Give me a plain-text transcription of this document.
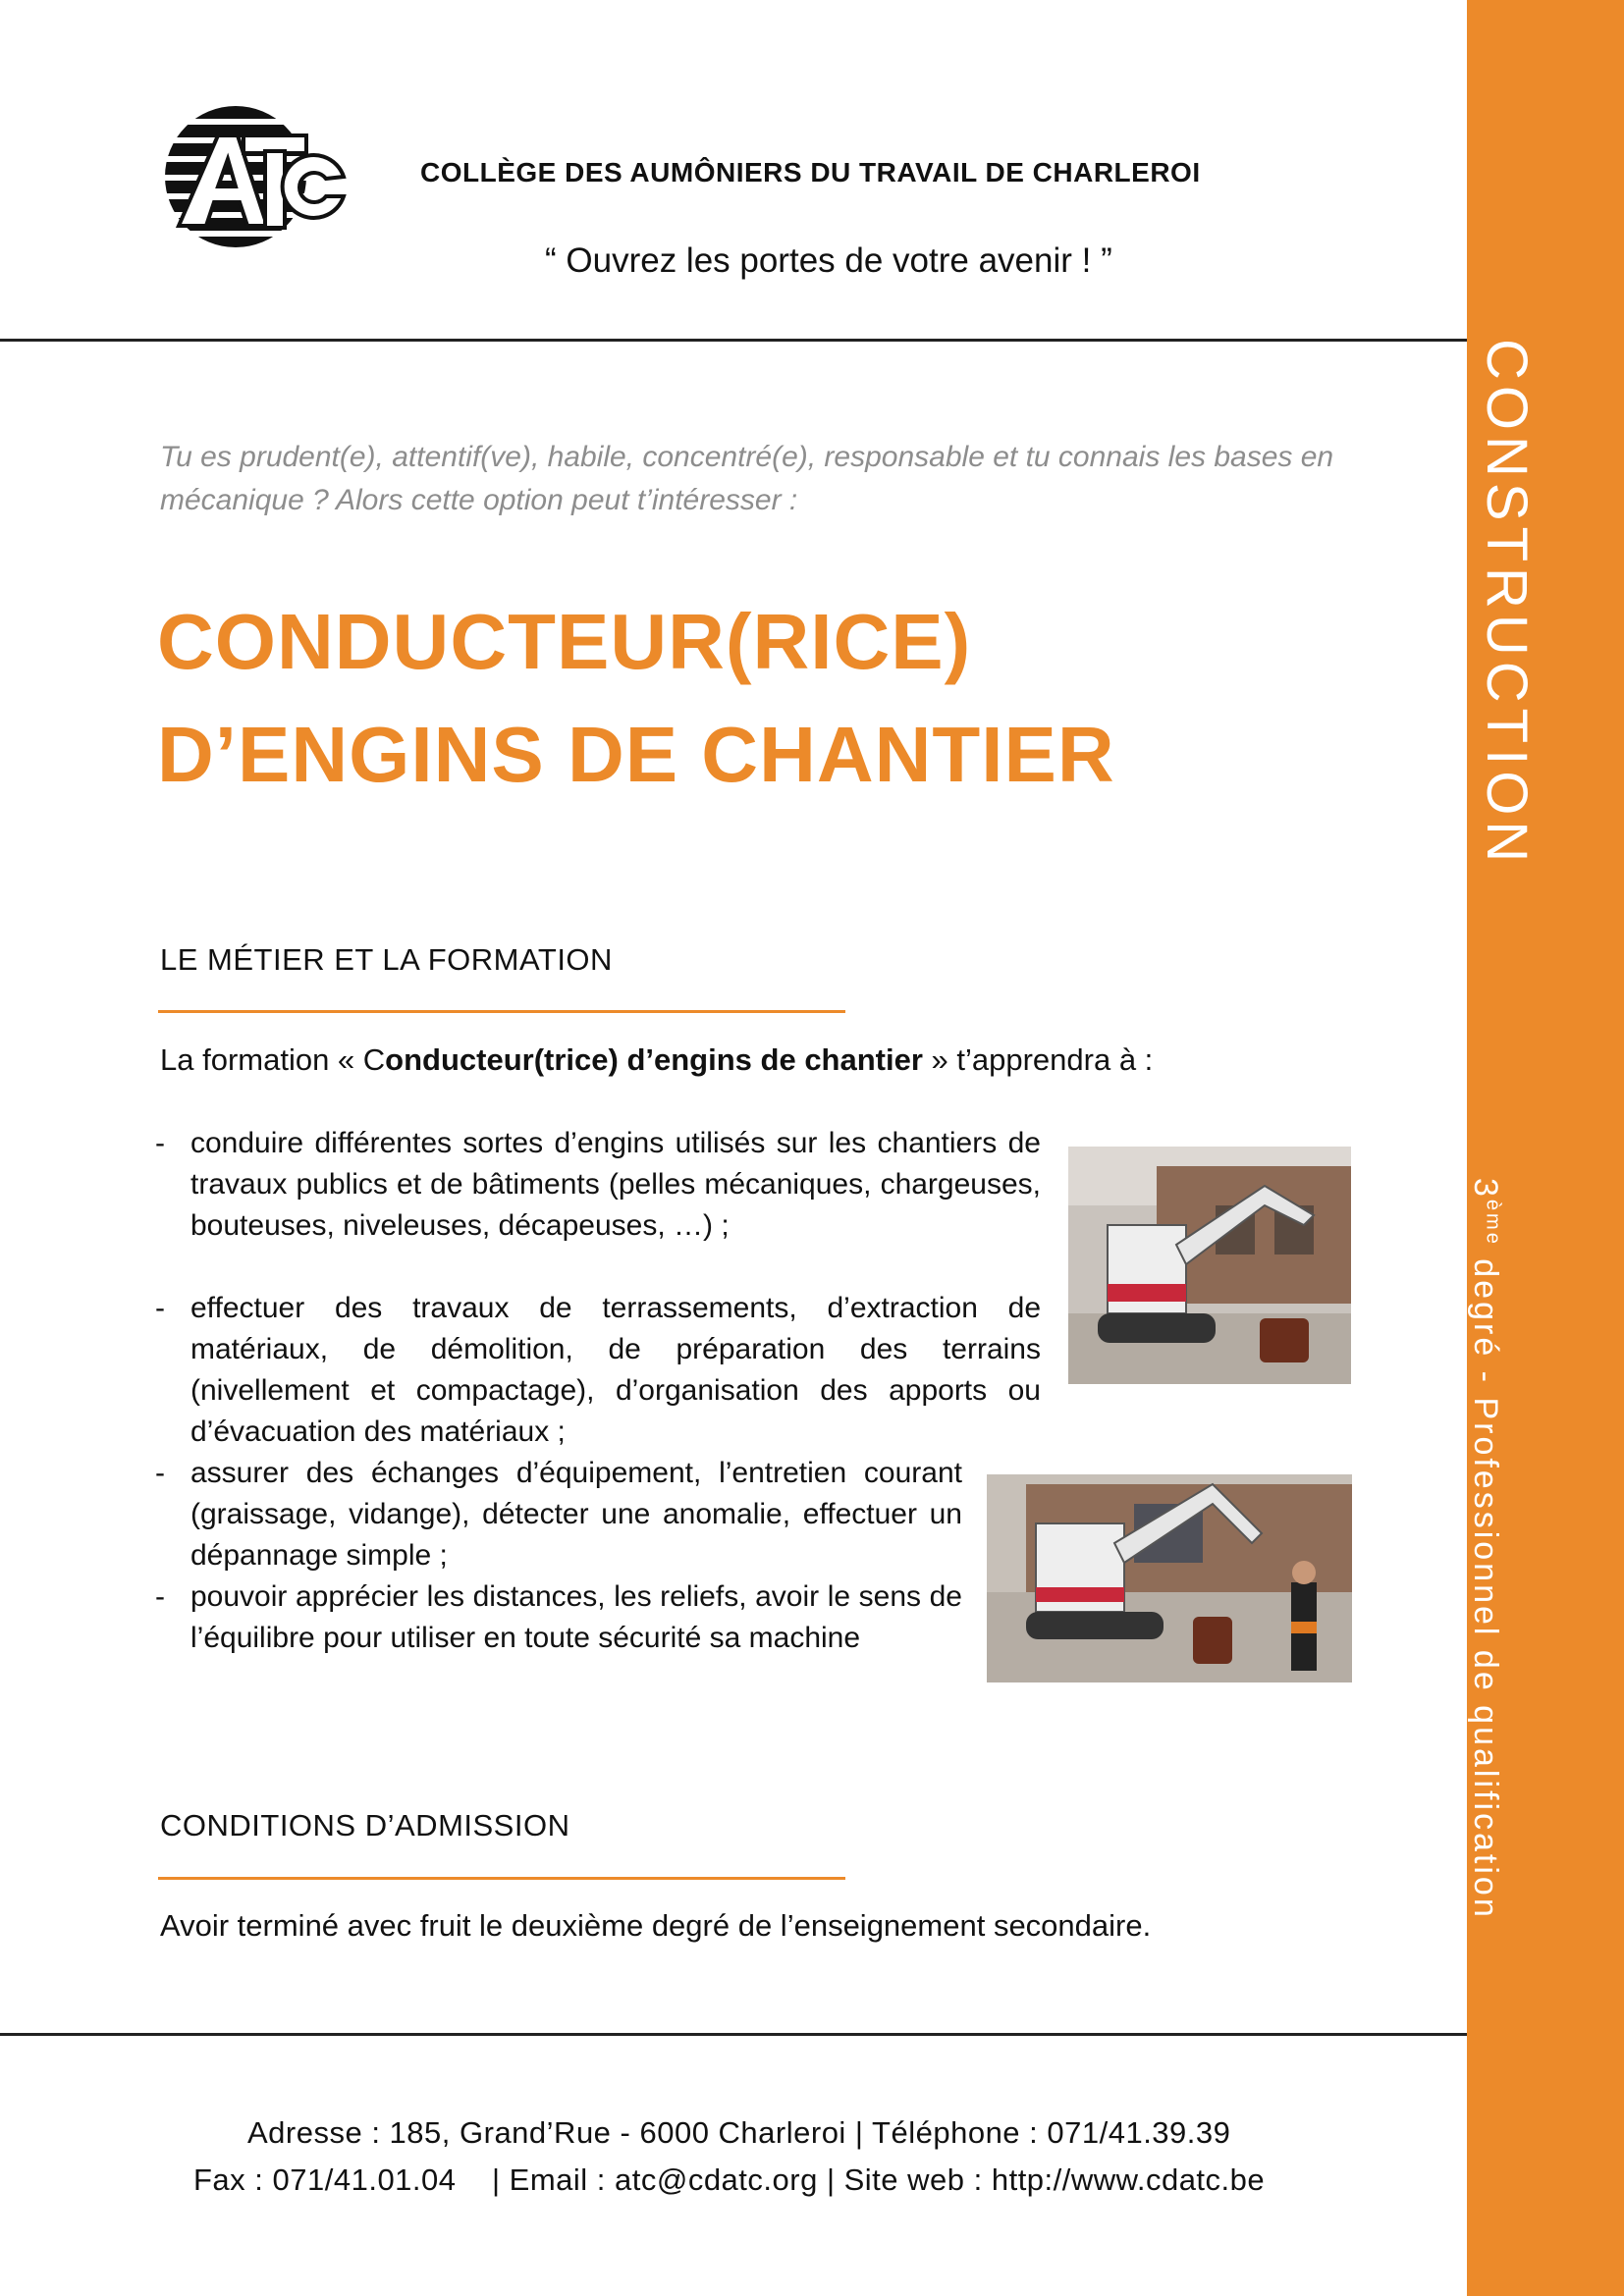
CONSTRUCTION
3ème degré - Professionnel de qualification
COLLÈGE DES AUMÔNIERS DU TRAVAIL DE CHARLEROI
“ Ouvrez les portes de votre avenir ! ”
Tu es prudent(e), attentif(ve), habile, concentré(e), responsable et tu connais les bases en mécanique ? Alors cette option peut t’intéresser :
CONDUCTEUR(RICE)
D’ENGINS DE CHANTIER
LE MÉTIER ET LA FORMATION
La formation « Conducteur(trice) d’engins de chantier » t’apprendra à :
- conduire différentes sortes d’engins utilisés sur les chantiers de travaux publics et de bâtiments (pelles mécaniques, chargeuses, bouteuses, niveleuses, décapeuses, …) ;
- effectuer des travaux de terrassements, d’extraction de matériaux, de démolition, de préparation des terrains (nivellement et compactage), d’organisation des apports ou d’évacuation des matériaux ;
- assurer des échanges d’équipement, l’entretien courant (graissage, vidange), détecter une anomalie, effectuer un dépannage simple ;
- pouvoir apprécier les distances, les reliefs, avoir le sens de l’équilibre pour utiliser en toute sécurité sa machine
CONDITIONS D’ADMISSION
Avoir terminé avec fruit le deuxième degré de l’enseignement secondaire.
Adresse : 185, Grand’Rue - 6000 Charleroi | Téléphone : 071/41.39.39
Fax : 071/41.01.04    | Email : atc@cdatc.org | Site web : http://www.cdatc.be
